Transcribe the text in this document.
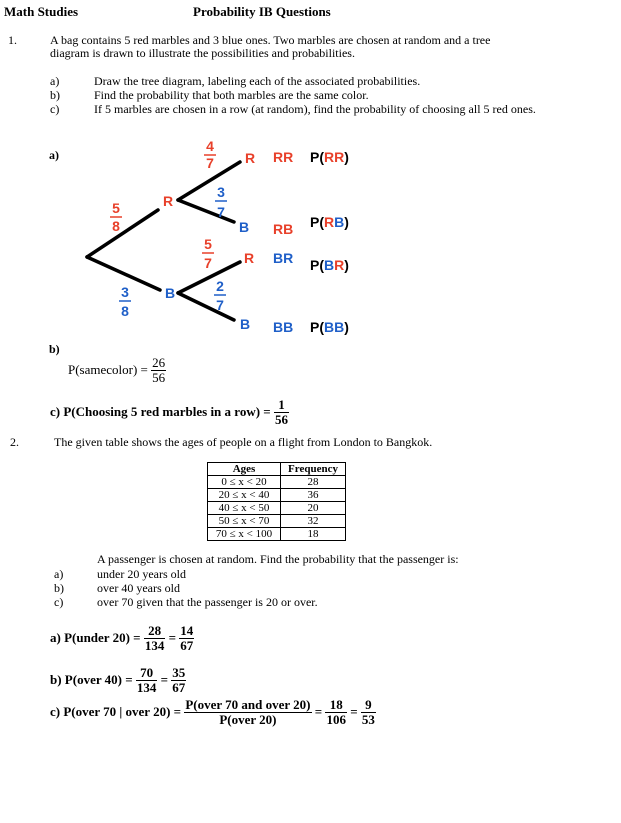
Math Studies	Probability IB Questions
1.	A bag contains 5 red marbles and 3 blue ones. Two marbles are chosen at random and a tree
diagram is drawn to illustrate the possibilities and probabilities.
a)	Draw the tree diagram, labeling each of the associated probabilities.
b)	Find the probability that both marbles are the same color.
c)	If 5 marbles are chosen in a row (at random), find the probability of choosing all 5 red ones.
a)
5
8
3
8
R
B
4
7
3
7
5
7
2
7
R
B
R
B
RR
RB
BR
BB
P(RR)
P(RB)
P(BR)
P(BB)
b)
P(samecolor) = $\frac{26}{56}$
c) P(Choosing 5 red marbles in a $row) = \frac{1}{56}$
2.	The given table shows the ages of people on a flight from London to Bangkok.
Ages	Frequency
0 ≤ x < 20	28
20 ≤ x < 40	36
40 ≤ x < 50	20
50 ≤ x < 70	32
70 ≤ x < 100	18
A passenger is chosen at random. Find the probability that the passenger is:
a)	under 20 years old
b)	over 40 years old
c)	over 70 given that the passenger is 20 or over.
a) P(under $20) = \frac{28}{134} = \frac{14}{67}$
b) P(over $40) = \frac{70}{134} = \frac{35}{67}$
c) P(over 70 | over $20) = \frac{\text{P(over 70 and over 20)}}{\text{P(over 20)}} = \frac{18}{106} = \frac{9}{53}$
